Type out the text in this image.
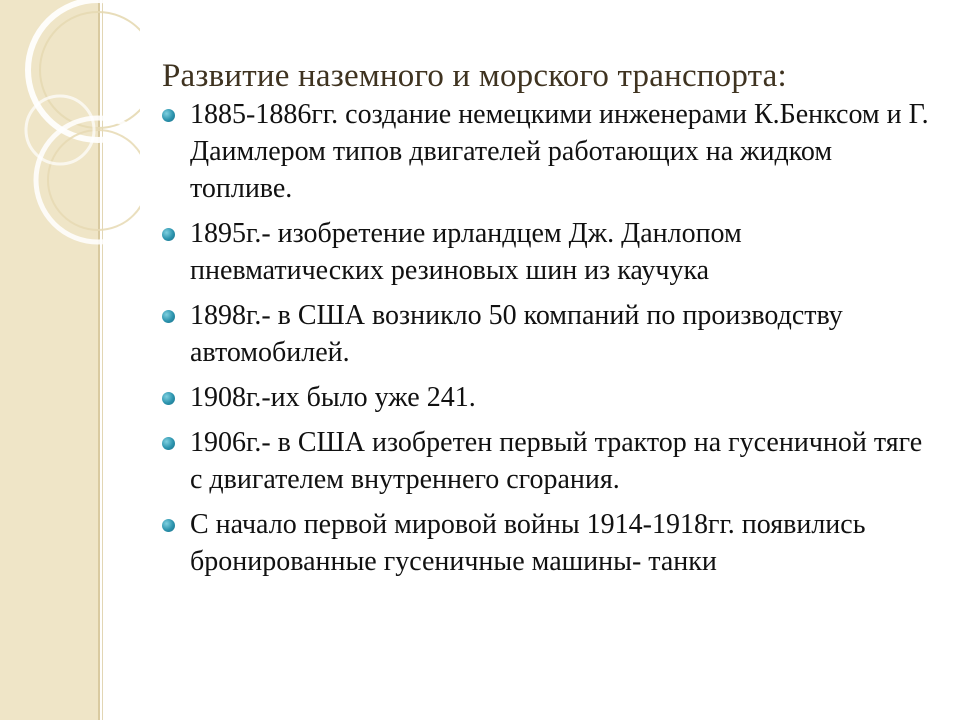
Развитие наземного и морского транспорта:
1885-1886гг. создание немецкими инженерами К.Бенксом и Г. Даимлером типов двигателей работающих на жидком топливе.
1895г.- изобретение ирландцем Дж. Данлопом пневматических резиновых шин из каучука
1898г.- в США возникло 50 компаний по производству автомобилей.
1908г.-их было уже 241.
1906г.- в США изобретен первый трактор на гусеничной тяге с двигателем внутреннего сгорания.
С начало первой мировой войны 1914-1918гг. появились бронированные гусеничные машины- танки
